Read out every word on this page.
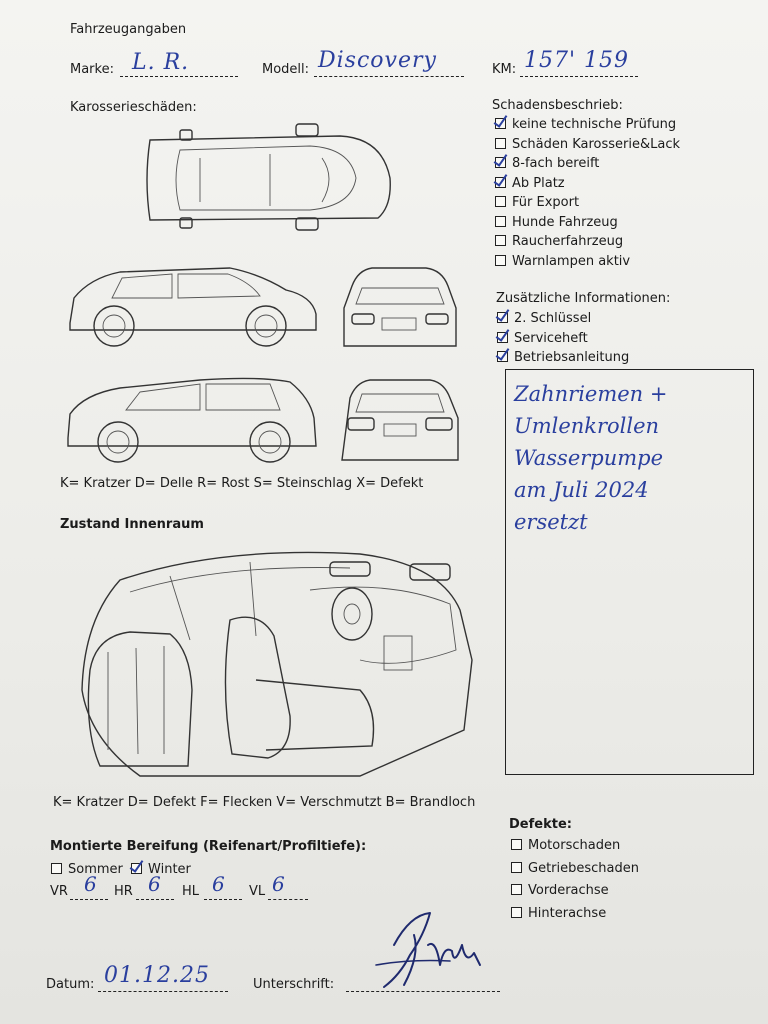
Fahrzeugangaben
Marke: L. R.	Modell: Discovery	KM: 157' 159
Karosserieschäden:
K= Kratzer D= Delle R= Rost S= Steinschlag X= Defekt
Schadensbeschrieb:
keine technische Prüfung
Schäden Karosserie&Lack
8-fach bereift
Ab Platz
Für Export
Hunde Fahrzeug
Raucherfahrzeug
Warnlampen aktiv
Zusätzliche Informationen:
2. Schlüssel
Serviceheft
Betriebsanleitung
Zahnriemen +
Umlenkrollen
Wasserpumpe
am Juli 2024
ersetzt
Zustand Innenraum
K= Kratzer D= Defekt F= Flecken V= Verschmutzt B= Brandloch
Montierte Bereifung (Reifenart/Profiltiefe):
Sommer Winter
VR 6 HR 6 HL 6 VL 6
Defekte:
Motorschaden
Getriebeschaden
Vorderachse
Hinterachse
Datum: 01.12.25	Unterschrift:
